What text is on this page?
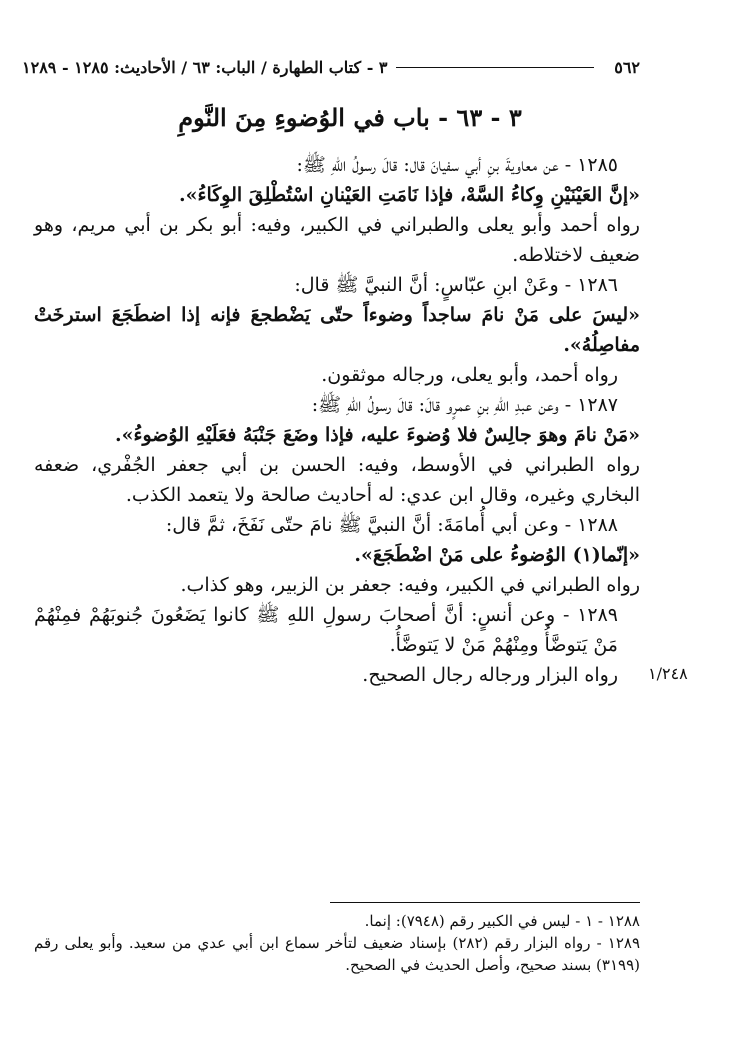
٥٦٢
٣ - كتاب الطهارة / الباب: ٦٣ / الأحاديث: ١٢٨٥ - ١٢٨٩
٣ - ٦٣ - باب في الوُضوءِ مِنَ النَّومِ
١/٢٤٨

١٢٨٥ - عن معاويةَ بنِ أبي سفيانَ قال: قالَ رسولُ اللهِ ﷺ:

«إنَّ العَيْنَيْنِ وِكاءُ السَّهْ، فإذا نَامَتِ العَيْنانِ اسْتُطْلِقَ الوِكَاءُ».

رواه أحمد وأبو يعلى والطبراني في الكبير، وفيه: أبو بكر بن أبي مريم، وهو ضعيف لاختلاطه.

١٢٨٦ - وعَنْ ابنِ عبّاسٍ: أنَّ النبيَّ ﷺ قال:

«ليسَ على مَنْ نامَ ساجداً وضوءاً حتّى يَضْطجعَ فإنه إذا اضطَجَعَ استرخَتْ مفاصِلُهُ».

رواه أحمد، وأبو يعلى، ورجاله موثقون.

١٢٨٧ - وعن عبدِ اللهِ بنِ عمرٍو قالَ: قالَ رسولُ اللهِ ﷺ:

«مَنْ نامَ وهوَ جالِسٌ فلا وُضوءَ عليه، فإذا وضَعَ جَنْبَهُ فعَلَيْهِ الوُضوءُ».

رواه الطبراني في الأوسط، وفيه: الحسن بن أبي جعفر الجُفْري، ضعفه البخاري وغيره، وقال ابن عدي: له أحاديث صالحة ولا يتعمد الكذب.

١٢٨٨ - وعن أبي أُمامَةَ: أنَّ النبيَّ ﷺ نامَ حتّى نَفَخَ، ثمَّ قال:

«إنّما(١) الوُضوءُ على مَنْ اضْطَجَعَ».

رواه الطبراني في الكبير، وفيه: جعفر بن الزبير، وهو كذاب.

١٢٨٩ - وعن أنسٍ: أنَّ أصحابَ رسولِ اللهِ ﷺ كانوا يَضَعُونَ جُنوبَهُمْ فمِنْهُمْ مَنْ يَتوضَّأُ ومِنْهُمْ مَنْ لا يَتوضَّأُ.

رواه البزار ورجاله رجال الصحيح.

١٢٨٨ - ١ - ليس في الكبير رقم (٧٩٤٨): إنما.

١٢٨٩ - رواه البزار رقم (٢٨٢) بإسناد ضعيف لتأخر سماع ابن أبي عدي من سعيد. وأبو يعلى رقم (٣١٩٩) بسند صحيح، وأصل الحديث في الصحيح.
